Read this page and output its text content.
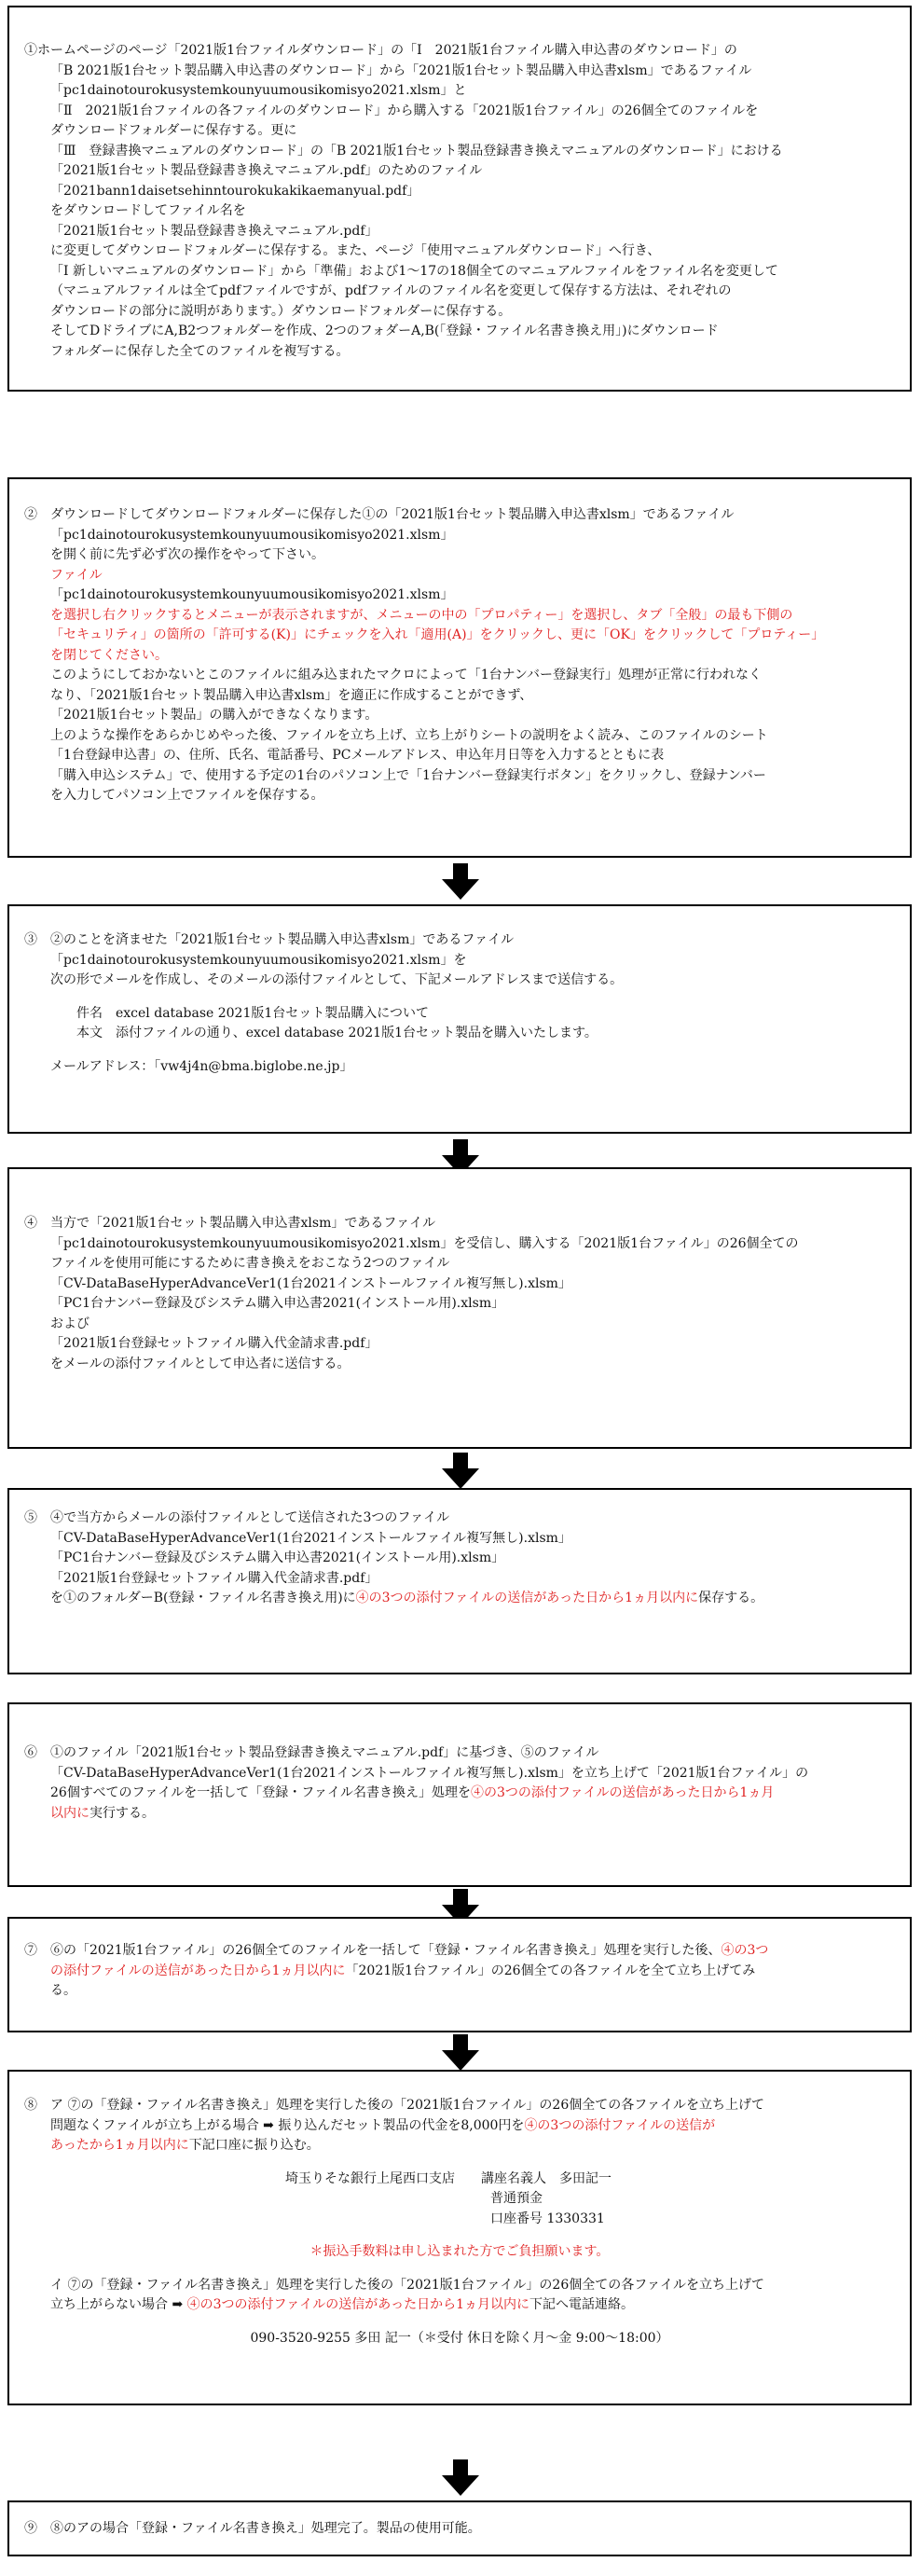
①ホームページのページ「2021版1台ファイルダウンロード」の「Ⅰ　2021版1台ファイル購入申込書のダウンロード」の

「B 2021版1台セット製品購入申込書のダウンロード」から「2021版1台セット製品購入申込書xlsm」であるファイル

「pc1dainotourokusystemkounyuumousikomisyo2021.xlsm」と

「Ⅱ　2021版1台ファイルの各ファイルのダウンロード」から購入する「2021版1台ファイル」の26個全てのファイルを

ダウンロードフォルダーに保存する。更に

「Ⅲ　登録書換マニュアルのダウンロード」の「B 2021版1台セット製品登録書き換えマニュアルのダウンロード」における

「2021版1台セット製品登録書き換えマニュアル.pdf」のためのファイル

「2021bann1daisetsehinntourokukakikaemanyual.pdf」

をダウンロードしてファイル名を

「2021版1台セット製品登録書き換えマニュアル.pdf」

に変更してダウンロードフォルダーに保存する。また、ページ「使用マニュアルダウンロード」へ行き、

「Ⅰ 新しいマニュアルのダウンロード」から「準備」および1～17の18個全てのマニュアルファイルをファイル名を変更して

（マニュアルファイルは全てpdfファイルですが、pdfファイルのファイル名を変更して保存する方法は、それぞれの

ダウンロードの部分に説明があります。）ダウンロードフォルダーに保存する。

そしてDドライブにA,B2つフォルダーを作成、2つのフォダーA,B(「登録・ファイル名書き換え用」)にダウンロード

フォルダーに保存した全てのファイルを複写する。

②　ダウンロードしてダウンロードフォルダーに保存した①の「2021版1台セット製品購入申込書xlsm」であるファイル

「pc1dainotourokusystemkounyuumousikomisyo2021.xlsm」

を開く前に先ず必ず次の操作をやって下さい。

ファイル

「pc1dainotourokusystemkounyuumousikomisyo2021.xlsm」

を選択し右クリックするとメニューが表示されますが、メニューの中の「プロパティー」を選択し、タブ「全般」の最も下側の

「セキュリティ」の箇所の「許可する(K)」にチェックを入れ「適用(A)」をクリックし、更に「OK」をクリックして「プロティー」

を閉じてください。

このようにしておかないとこのファイルに組み込まれたマクロによって「1台ナンバー登録実行」処理が正常に行われなく

なり、「2021版1台セット製品購入申込書xlsm」を適正に作成することができず、

「2021版1台セット製品」の購入ができなくなります。

上のような操作をあらかじめやった後、ファイルを立ち上げ、立ち上がりシートの説明をよく読み、このファイルのシート

「1台登録申込書」の、住所、氏名、電話番号、PCメールアドレス、申込年月日等を入力するとともに表

「購入申込システム」で、使用する予定の1台のパソコン上で「1台ナンバー登録実行ボタン」をクリックし、登録ナンバー

を入力してパソコン上でファイルを保存する。

③　②のことを済ませた「2021版1台セット製品購入申込書xlsm」であるファイル

「pc1dainotourokusystemkounyuumousikomisyo2021.xlsm」を

次の形でメールを作成し、そのメールの添付ファイルとして、下記メールアドレスまで送信する。

件名　excel database 2021版1台セット製品購入について

本文　添付ファイルの通り、excel database 2021版1台セット製品を購入いたします。

メールアドレス：「vw4j4n@bma.biglobe.ne.jp」

④　当方で「2021版1台セット製品購入申込書xlsm」であるファイル

「pc1dainotourokusystemkounyuumousikomisyo2021.xlsm」を受信し、購入する「2021版1台ファイル」の26個全ての

ファイルを使用可能にするために書き換えをおこなう2つのファイル

「CV-DataBaseHyperAdvanceVer1(1台2021インストールファイル複写無し).xlsm」

「PC1台ナンバー登録及びシステム購入申込書2021(インストール用).xlsm」

および

「2021版1台登録セットファイル購入代金請求書.pdf」

をメールの添付ファイルとして申込者に送信する。

⑤　④で当方からメールの添付ファイルとして送信された3つのファイル

「CV-DataBaseHyperAdvanceVer1(1台2021インストールファイル複写無し).xlsm」

「PC1台ナンバー登録及びシステム購入申込書2021(インストール用).xlsm」

「2021版1台登録セットファイル購入代金請求書.pdf」

を①のフォルダーB(登録・ファイル名書き換え用)に④の3つの添付ファイルの送信があった日から1ヵ月以内に保存する。

⑥　①のファイル「2021版1台セット製品登録書き換えマニュアル.pdf」に基づき、⑤のファイル

「CV-DataBaseHyperAdvanceVer1(1台2021インストールファイル複写無し).xlsm」を立ち上げて「2021版1台ファイル」の

26個すべてのファイルを一括して「登録・ファイル名書き換え」処理を④の3つの添付ファイルの送信があった日から1ヵ月

以内に実行する。

⑦　⑥の「2021版1台ファイル」の26個全てのファイルを一括して「登録・ファイル名書き換え」処理を実行した後、④の3つ

の添付ファイルの送信があった日から1ヵ月以内に「2021版1台ファイル」の26個全ての各ファイルを全て立ち上げてみ

る。

⑧　ア ⑦の「登録・ファイル名書き換え」処理を実行した後の「2021版1台ファイル」の26個全ての各ファイルを立ち上げて

問題なくファイルが立ち上がる場合 ➡ 振り込んだセット製品の代金を8,000円を④の3つの添付ファイルの送信が

あったから1ヵ月以内に下記口座に振り込む。

埼玉りそな銀行上尾西口支店　　 講座名義人　多田記一

普通預金

口座番号 1330331

＊振込手数料は申し込まれた方でご負担願います。

イ ⑦の「登録・ファイル名書き換え」処理を実行した後の「2021版1台ファイル」の26個全ての各ファイルを立ち上げて

立ち上がらない場合 ➡ ④の3つの添付ファイルの送信があった日から1ヵ月以内に下記へ電話連絡。

090-3520-9255 多田 記一（＊受付 休日を除く月～金 9:00～18:00）

⑨　⑧のアの場合「登録・ファイル名書き換え」処理完了。製品の使用可能。
